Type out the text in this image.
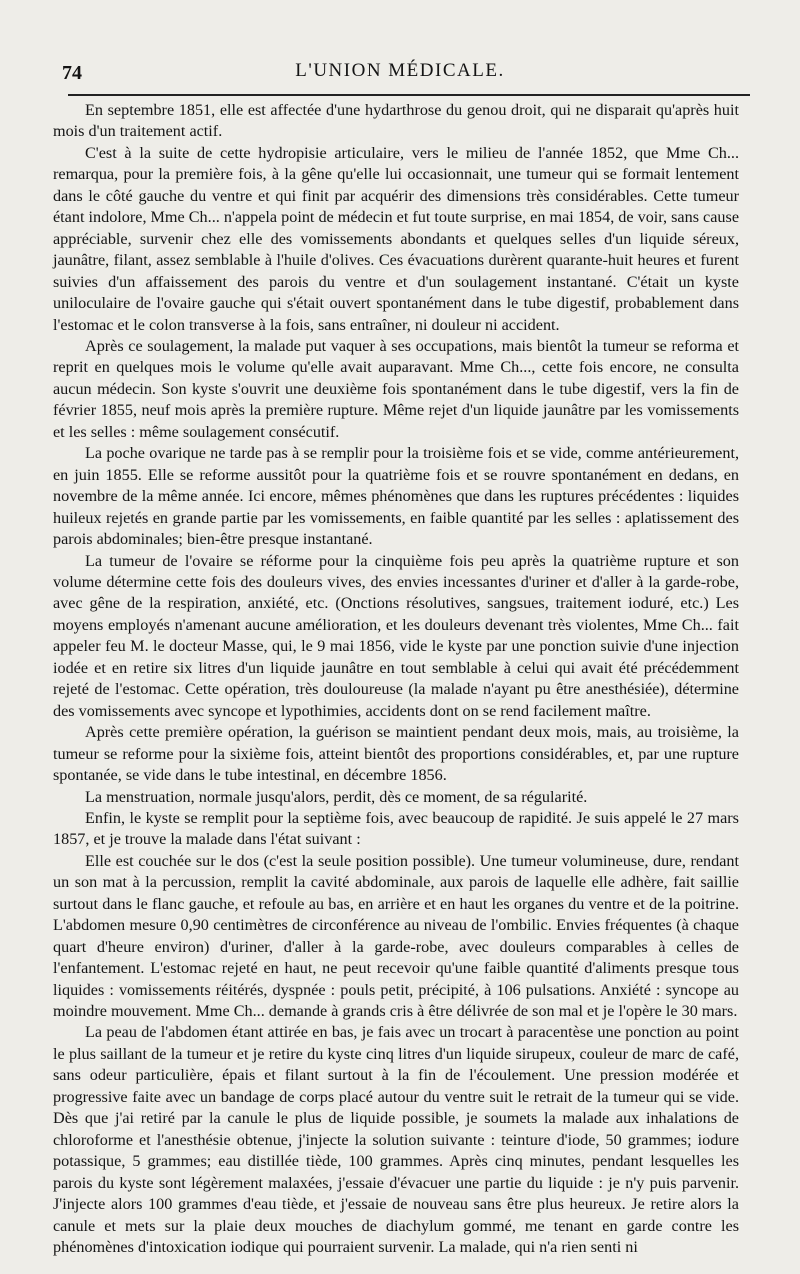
74	L'UNION MÉDICALE.

En septembre 1851, elle est affectée d'une hydarthrose du genou droit, qui ne disparait qu'après huit mois d'un traitement actif.

C'est à la suite de cette hydropisie articulaire, vers le milieu de l'année 1852, que Mme Ch... remarqua, pour la première fois, à la gêne qu'elle lui occasionnait, une tumeur qui se formait lentement dans le côté gauche du ventre et qui finit par acquérir des dimensions très considérables. Cette tumeur étant indolore, Mme Ch... n'appela point de médecin et fut toute surprise, en mai 1854, de voir, sans cause appréciable, survenir chez elle des vomissements abondants et quelques selles d'un liquide séreux, jaunâtre, filant, assez semblable à l'huile d'olives. Ces évacuations durèrent quarante-huit heures et furent suivies d'un affaissement des parois du ventre et d'un soulagement instantané. C'était un kyste uniloculaire de l'ovaire gauche qui s'était ouvert spontanément dans le tube digestif, probablement dans l'estomac et le colon transverse à la fois, sans entraîner, ni douleur ni accident.

Après ce soulagement, la malade put vaquer à ses occupations, mais bientôt la tumeur se reforma et reprit en quelques mois le volume qu'elle avait auparavant. Mme Ch..., cette fois encore, ne consulta aucun médecin. Son kyste s'ouvrit une deuxième fois spontanément dans le tube digestif, vers la fin de février 1855, neuf mois après la première rupture. Même rejet d'un liquide jaunâtre par les vomissements et les selles : même soulagement consécutif.

La poche ovarique ne tarde pas à se remplir pour la troisième fois et se vide, comme antérieurement, en juin 1855. Elle se reforme aussitôt pour la quatrième fois et se rouvre spontanément en dedans, en novembre de la même année. Ici encore, mêmes phénomènes que dans les ruptures précédentes : liquides huileux rejetés en grande partie par les vomissements, en faible quantité par les selles : aplatissement des parois abdominales; bien-être presque instantané.

La tumeur de l'ovaire se réforme pour la cinquième fois peu après la quatrième rupture et son volume détermine cette fois des douleurs vives, des envies incessantes d'uriner et d'aller à la garde-robe, avec gêne de la respiration, anxiété, etc. (Onctions résolutives, sangsues, traitement ioduré, etc.) Les moyens employés n'amenant aucune amélioration, et les douleurs devenant très violentes, Mme Ch... fait appeler feu M. le docteur Masse, qui, le 9 mai 1856, vide le kyste par une ponction suivie d'une injection iodée et en retire six litres d'un liquide jaunâtre en tout semblable à celui qui avait été précédemment rejeté de l'estomac. Cette opération, très douloureuse (la malade n'ayant pu être anesthésiée), détermine des vomissements avec syncope et lypothimies, accidents dont on se rend facilement maître.

Après cette première opération, la guérison se maintient pendant deux mois, mais, au troisième, la tumeur se reforme pour la sixième fois, atteint bientôt des proportions considérables, et, par une rupture spontanée, se vide dans le tube intestinal, en décembre 1856.

La menstruation, normale jusqu'alors, perdit, dès ce moment, de sa régularité.

Enfin, le kyste se remplit pour la septième fois, avec beaucoup de rapidité. Je suis appelé le 27 mars 1857, et je trouve la malade dans l'état suivant :

Elle est couchée sur le dos (c'est la seule position possible). Une tumeur volumineuse, dure, rendant un son mat à la percussion, remplit la cavité abdominale, aux parois de laquelle elle adhère, fait saillie surtout dans le flanc gauche, et refoule au bas, en arrière et en haut les organes du ventre et de la poitrine. L'abdomen mesure 0,90 centimètres de circonférence au niveau de l'ombilic. Envies fréquentes (à chaque quart d'heure environ) d'uriner, d'aller à la garde-robe, avec douleurs comparables à celles de l'enfantement. L'estomac rejeté en haut, ne peut recevoir qu'une faible quantité d'aliments presque tous liquides : vomissements réitérés, dyspnée : pouls petit, précipité, à 106 pulsations. Anxiété : syncope au moindre mouvement. Mme Ch... demande à grands cris à être délivrée de son mal et je l'opère le 30 mars.

La peau de l'abdomen étant attirée en bas, je fais avec un trocart à paracentèse une ponction au point le plus saillant de la tumeur et je retire du kyste cinq litres d'un liquide sirupeux, couleur de marc de café, sans odeur particulière, épais et filant surtout à la fin de l'écoulement. Une pression modérée et progressive faite avec un bandage de corps placé autour du ventre suit le retrait de la tumeur qui se vide. Dès que j'ai retiré par la canule le plus de liquide possible, je soumets la malade aux inhalations de chloroforme et l'anesthésie obtenue, j'injecte la solution suivante : teinture d'iode, 50 grammes; iodure potassique, 5 grammes; eau distillée tiède, 100 grammes. Après cinq minutes, pendant lesquelles les parois du kyste sont légèrement malaxées, j'essaie d'évacuer une partie du liquide : je n'y puis parvenir. J'injecte alors 100 grammes d'eau tiède, et j'essaie de nouveau sans être plus heureux. Je retire alors la canule et mets sur la plaie deux mouches de diachylum gommé, me tenant en garde contre les phénomènes d'intoxication iodique qui pourraient survenir. La malade, qui n'a rien senti ni
